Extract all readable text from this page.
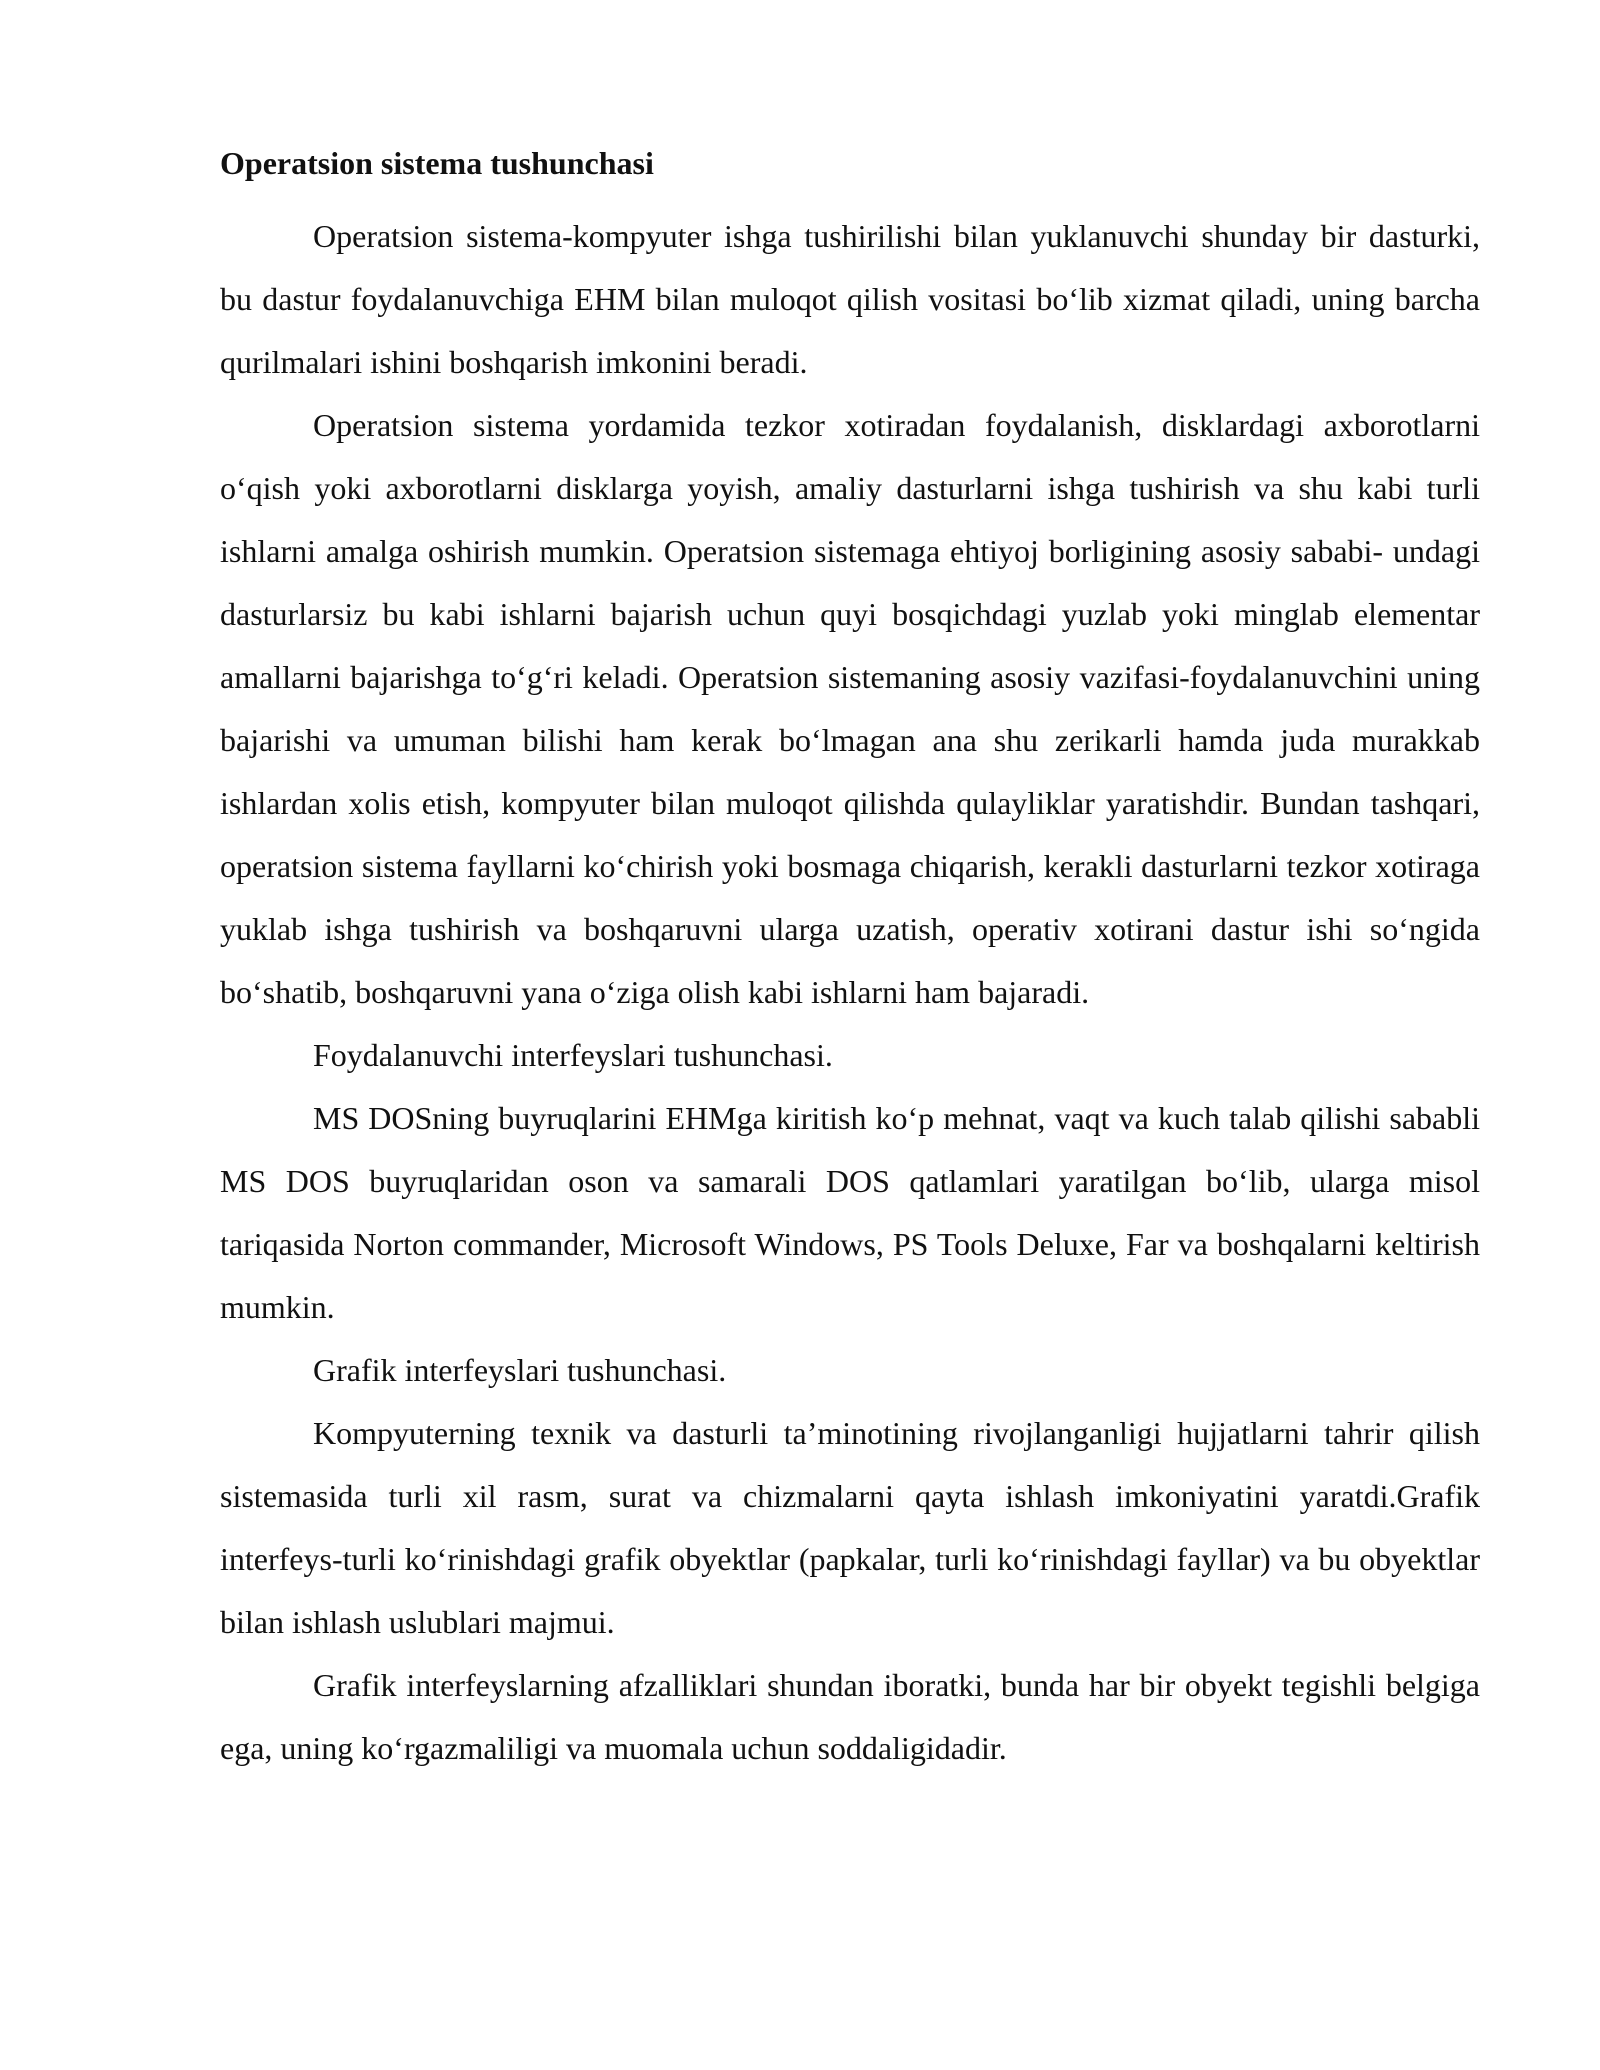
Operatsion sistema tushunchasi

Operatsion sistema-kompyuter ishga tushirilishi bilan yuklanuvchi shunday bir dasturki, bu dastur foydalanuvchiga EHM bilan muloqot qilish vositasi bo‘lib xizmat qiladi, uning barcha qurilmalari ishini boshqarish imkonini beradi.

Operatsion sistema yordamida tezkor xotiradan foydalanish, disklardagi axborotlarni o‘qish yoki axborotlarni disklarga yoyish, amaliy dasturlarni ishga tushirish va shu kabi turli ishlarni amalga oshirish mumkin. Operatsion sistemaga ehtiyoj borligining asosiy sababi- undagi dasturlarsiz bu kabi ishlarni bajarish uchun quyi bosqichdagi yuzlab yoki minglab elementar amallarni bajarishga to‘g‘ri keladi. Operatsion sistemaning asosiy vazifasi-foydalanuvchini uning bajarishi va umuman bilishi ham kerak bo‘lmagan ana shu zerikarli hamda juda murakkab ishlardan xolis etish, kompyuter bilan muloqot qilishda qulayliklar yaratishdir. Bundan tashqari, operatsion sistema fayllarni ko‘chirish yoki bosmaga chiqarish, kerakli dasturlarni tezkor xotiraga yuklab ishga tushirish va boshqaruvni ularga uzatish, operativ xotirani dastur ishi so‘ngida bo‘shatib, boshqaruvni yana o‘ziga olish kabi ishlarni ham bajaradi.

Foydalanuvchi interfeyslari tushunchasi.

MS DOSning buyruqlarini EHMga kiritish ko‘p mehnat, vaqt va kuch talab qilishi sababli MS DOS buyruqlaridan oson va samarali DOS qatlamlari yaratilgan bo‘lib, ularga misol tariqasida Norton commander, Microsoft Windows, PS Tools Deluxe, Far va boshqalarni keltirish mumkin.

Grafik interfeyslari tushunchasi.

Kompyuterning texnik va dasturli ta’minotining rivojlanganligi hujjatlarni tahrir qilish sistemasida turli xil rasm, surat va chizmalarni qayta ishlash imkoniyatini yaratdi.Grafik interfeys-turli ko‘rinishdagi grafik obyektlar (papkalar, turli ko‘rinishdagi fayllar) va bu obyektlar bilan ishlash uslublari majmui.

Grafik interfeyslarning afzalliklari shundan iboratki, bunda har bir obyekt tegishli belgiga ega, uning ko‘rgazmaliligi va muomala uchun soddaligidadir.
